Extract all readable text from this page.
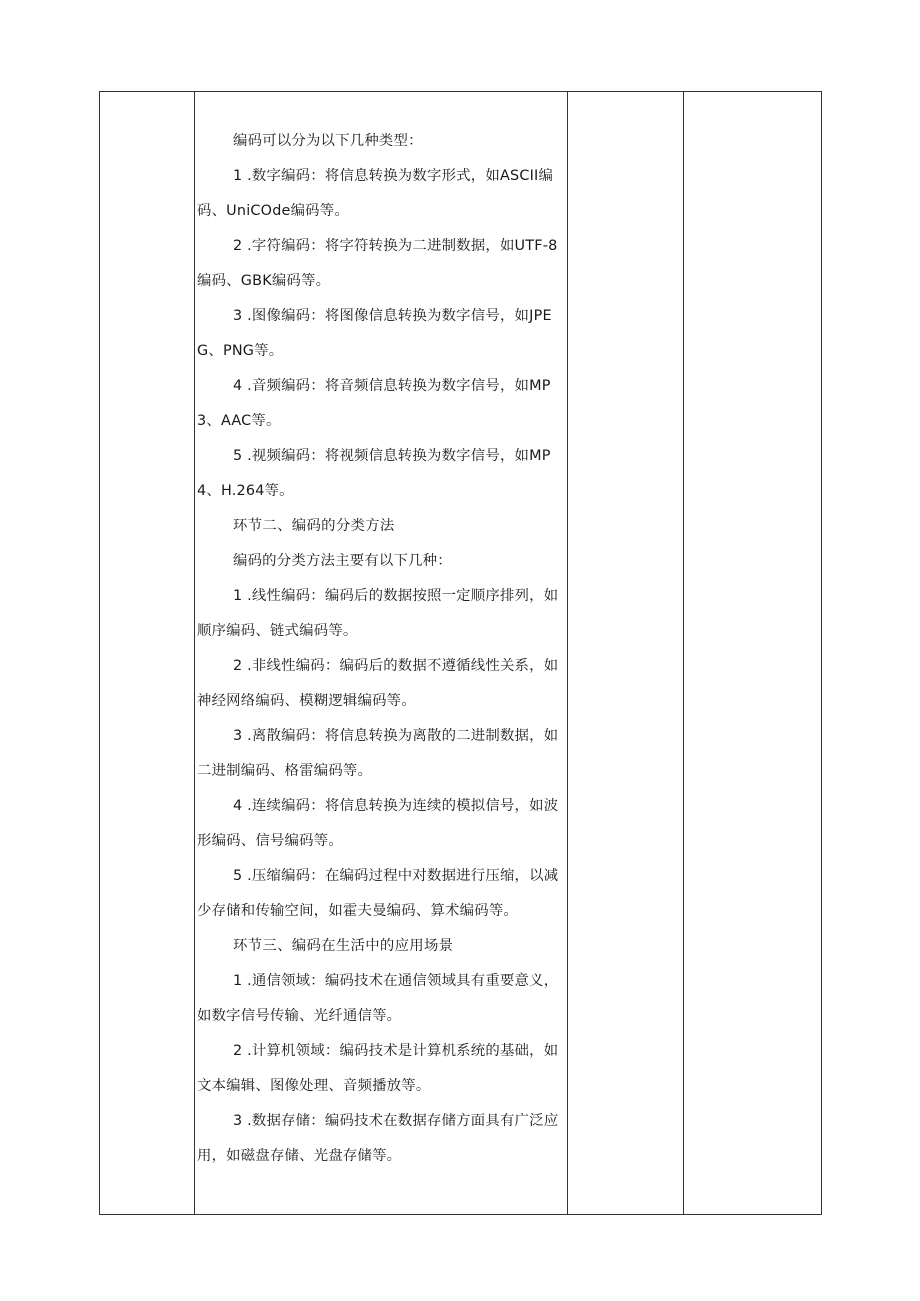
编码可以分为以下几种类型：

1 .数字编码：将信息转换为数字形式，如ASCII编码、UniCOde编码等。

2 .字符编码：将字符转换为二进制数据，如UTF-8编码、GBK编码等。

3 .图像编码：将图像信息转换为数字信号，如JPEG、PNG等。

4 .音频编码：将音频信息转换为数字信号，如MP3、AAC等。

5 .视频编码：将视频信息转换为数字信号，如MP4、H.264等。

环节二、编码的分类方法

编码的分类方法主要有以下几种：

1 .线性编码：编码后的数据按照一定顺序排列，如顺序编码、链式编码等。

2 .非线性编码：编码后的数据不遵循线性关系，如神经网络编码、模糊逻辑编码等。

3 .离散编码：将信息转换为离散的二进制数据，如二进制编码、格雷编码等。

4 .连续编码：将信息转换为连续的模拟信号，如波形编码、信号编码等。

5 .压缩编码：在编码过程中对数据进行压缩，以减少存储和传输空间，如霍夫曼编码、算术编码等。

环节三、编码在生活中的应用场景

1 .通信领域：编码技术在通信领域具有重要意义，如数字信号传输、光纤通信等。

2 .计算机领域：编码技术是计算机系统的基础，如文本编辑、图像处理、音频播放等。

3 .数据存储：编码技术在数据存储方面具有广泛应用，如磁盘存储、光盘存储等。
